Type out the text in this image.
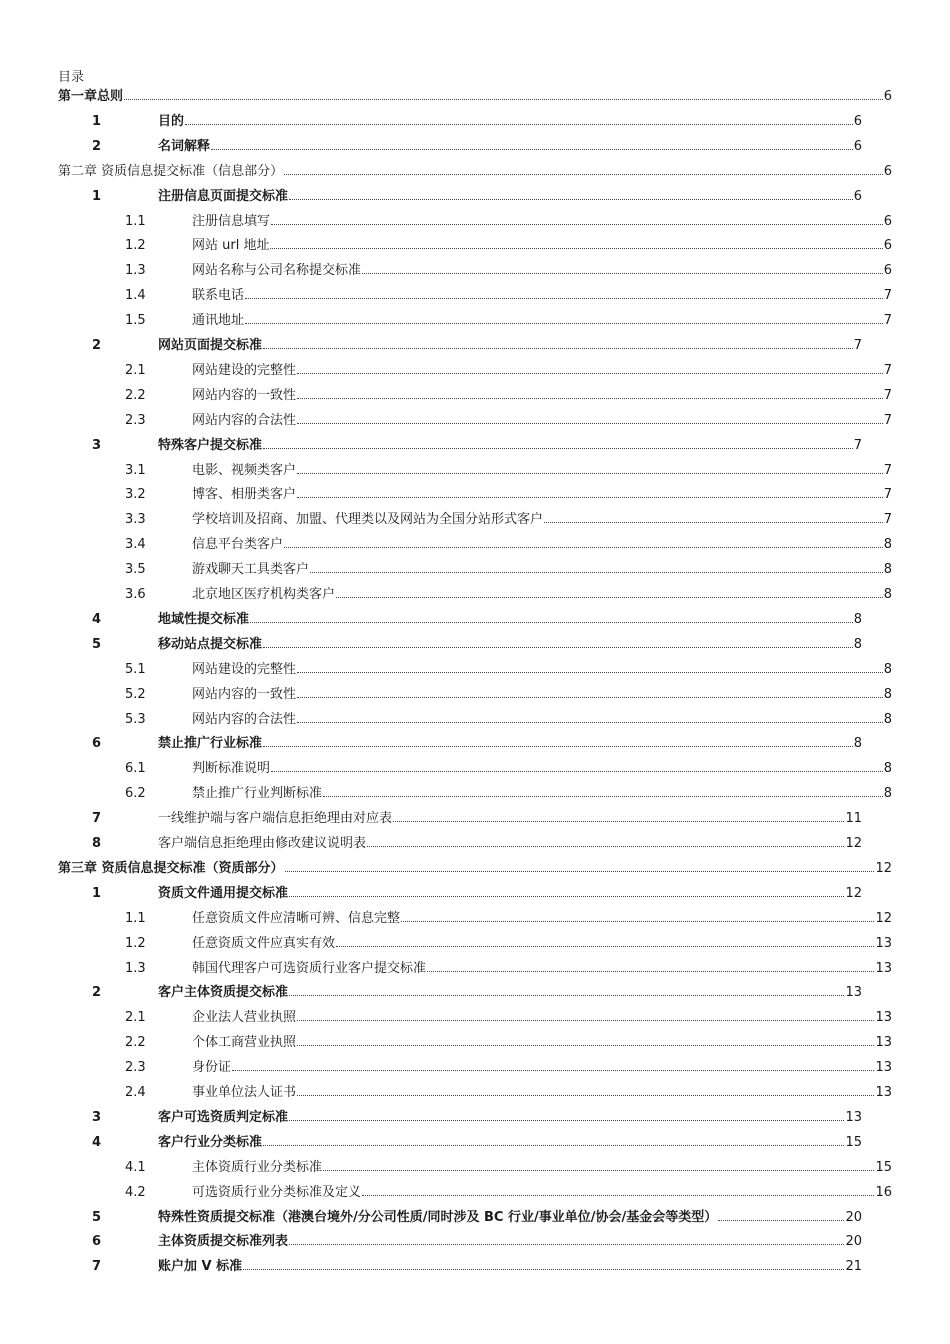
目录
第一章总则	6
1	目的	6
2	名词解释	6
第二章 资质信息提交标准（信息部分）	6
1	注册信息页面提交标准	6
1.1	注册信息填写	6
1.2	网站 url 地址	6
1.3	网站名称与公司名称提交标准	6
1.4	联系电话	7
1.5	通讯地址	7
2	网站页面提交标准	7
2.1	网站建设的完整性	7
2.2	网站内容的一致性	7
2.3	网站内容的合法性	7
3	特殊客户提交标准	7
3.1	电影、视频类客户	7
3.2	博客、相册类客户	7
3.3	学校培训及招商、加盟、代理类以及网站为全国分站形式客户	7
3.4	信息平台类客户	8
3.5	游戏聊天工具类客户	8
3.6	北京地区医疗机构类客户	8
4	地域性提交标准	8
5	移动站点提交标准	8
5.1	网站建设的完整性	8
5.2	网站内容的一致性	8
5.3	网站内容的合法性	8
6	禁止推广行业标准	8
6.1	判断标准说明	8
6.2	禁止推广行业判断标准	8
7	一线维护端与客户端信息拒绝理由对应表	11
8	客户端信息拒绝理由修改建议说明表	12
第三章 资质信息提交标准（资质部分）	12
1	资质文件通用提交标准	12
1.1	任意资质文件应清晰可辨、信息完整	12
1.2	任意资质文件应真实有效	13
1.3	韩国代理客户可选资质行业客户提交标准	13
2	客户主体资质提交标准	13
2.1	企业法人营业执照	13
2.2	个体工商营业执照	13
2.3	身份证	13
2.4	事业单位法人证书	13
3	客户可选资质判定标准	13
4	客户行业分类标准	15
4.1	主体资质行业分类标准	15
4.2	可选资质行业分类标准及定义	16
5	特殊性资质提交标准（港澳台境外/分公司性质/同时涉及 BC 行业/事业单位/协会/基金会等类型）	20
6	主体资质提交标准列表	20
7	账户加 V 标准	21
